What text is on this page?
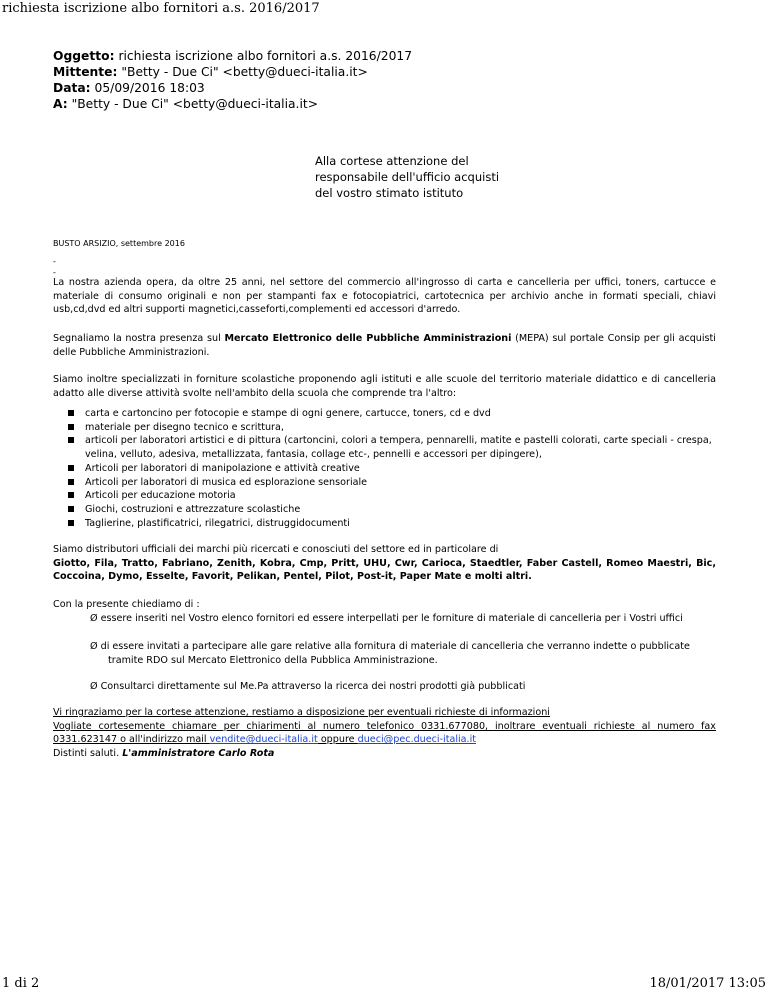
richiesta iscrizione albo fornitori a.s. 2016/2017
Oggetto: richiesta iscrizione albo fornitori a.s. 2016/2017
Mittente: "Betty - Due Ci" <betty@dueci-italia.it>
Data: 05/09/2016 18:03
A: "Betty - Due Ci" <betty@dueci-italia.it>
Alla cortese attenzione del
responsabile dell'ufficio acquisti
del vostro stimato istituto
BUSTO ARSIZIO, settembre 2016
-
-
La nostra azienda opera, da oltre 25 anni, nel settore del commercio all'ingrosso di carta e cancelleria per uffici, toners, cartucce e materiale di consumo originali e non per stampanti fax e fotocopiatrici, cartotecnica per archivio anche in formati speciali, chiavi usb,cd,dvd ed altri supporti magnetici,casseforti,complementi ed accessori d'arredo.
Segnaliamo la nostra presenza sul Mercato Elettronico delle Pubbliche Amministrazioni (MEPA) sul portale Consip per gli acquisti delle Pubbliche Amministrazioni.
Siamo inoltre specializzati in forniture scolastiche proponendo agli istituti e alle scuole del territorio materiale didattico e di cancelleria adatto alle diverse attività svolte nell'ambito della scuola che comprende tra l'altro:
carta e cartoncino per fotocopie e stampe di ogni genere, cartucce, toners, cd e dvd
materiale per disegno tecnico e scrittura,
articoli per laboratori artistici e di pittura (cartoncini, colori a tempera, pennarelli, matite e pastelli colorati, carte speciali - crespa, velina, velluto, adesiva, metallizzata, fantasia, collage etc-, pennelli e accessori per dipingere),
Articoli per laboratori di manipolazione e attività creative
Articoli per laboratori di musica ed esplorazione sensoriale
Articoli per educazione motoria
Giochi, costruzioni e attrezzature scolastiche
Taglierine, plastificatrici, rilegatrici, distruggidocumenti
Siamo distributori ufficiali dei marchi più ricercati e conosciuti del settore ed in particolare di
Giotto, Fila, Tratto, Fabriano, Zenith, Kobra, Cmp, Pritt, UHU, Cwr, Carioca, Staedtler, Faber Castell, Romeo Maestri, Bic, Coccoina, Dymo, Esselte, Favorit, Pelikan, Pentel, Pilot, Post-it, Paper Mate e molti altri.
Con la presente chiediamo di :
Ø essere inseriti nel Vostro elenco fornitori ed essere interpellati per le forniture di materiale di cancelleria per i Vostri uffici
Ø di essere invitati a partecipare alle gare relative alla fornitura di materiale di cancelleria che verranno indette o pubblicate
tramite RDO sul Mercato Elettronico della Pubblica Amministrazione.
Ø Consultarci direttamente sul Me.Pa attraverso la ricerca dei nostri prodotti già pubblicati
Vi ringraziamo per la cortese attenzione, restiamo a disposizione per eventuali richieste di informazioni
Vogliate cortesemente chiamare per chiarimenti al numero telefonico 0331.677080, inoltrare eventuali richieste al numero fax 0331.623147 o all'indirizzo mail vendite@dueci-italia.it oppure dueci@pec.dueci-italia.it
Distinti saluti. L'amministratore Carlo Rota
1 di 2	18/01/2017 13:05
